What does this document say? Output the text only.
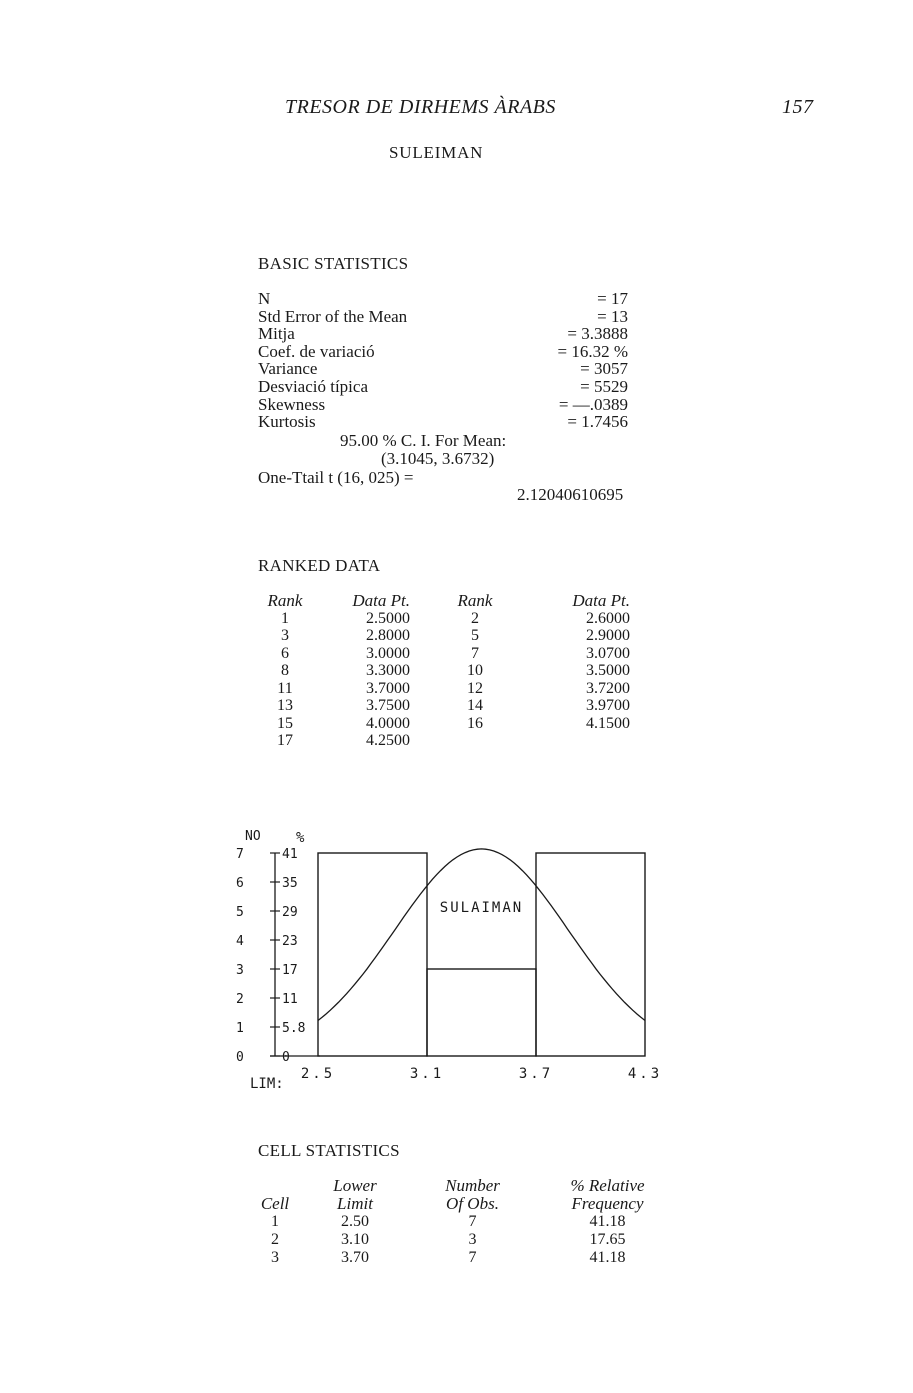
TRESOR DE DIRHEMS ÀRABS	157
SULEIMAN
BASIC STATISTICS
N	= 17
Std Error of the Mean	= 13
Mitja	= 3.3888
Coef. de variació	= 16.32 %
Variance	= 3057
Desviació típica	= 5529
Skewness	= —.0389
Kurtosis	= 1.7456
95.00 % C. I. For Mean:
(3.1045, 3.6732)
One-Ttail t (16, 025) =
2.12040610695
RANKED DATA
Rank	Data Pt.	Rank	Data Pt.
1	2.5000	2	2.6000
3	2.8000	5	2.9000
6	3.0000	7	3.0700
8	3.3000	10	3.5000
11	3.7000	12	3.7200
13	3.7500	14	3.9700
15	4.0000	16	4.1500
17	4.2500		
NO	%
LIM:
7	41
6	35
5	29
4	23
3	17
2	11
1	5.8
0	0
SULAIMAN
2.5	3.1	3.7	4.3
CELL STATISTICS
	Lower	Number	% Relative
Cell	Limit	Of Obs.	Frequency
1	2.50	7	41.18
2	3.10	3	17.65
3	3.70	7	41.18
